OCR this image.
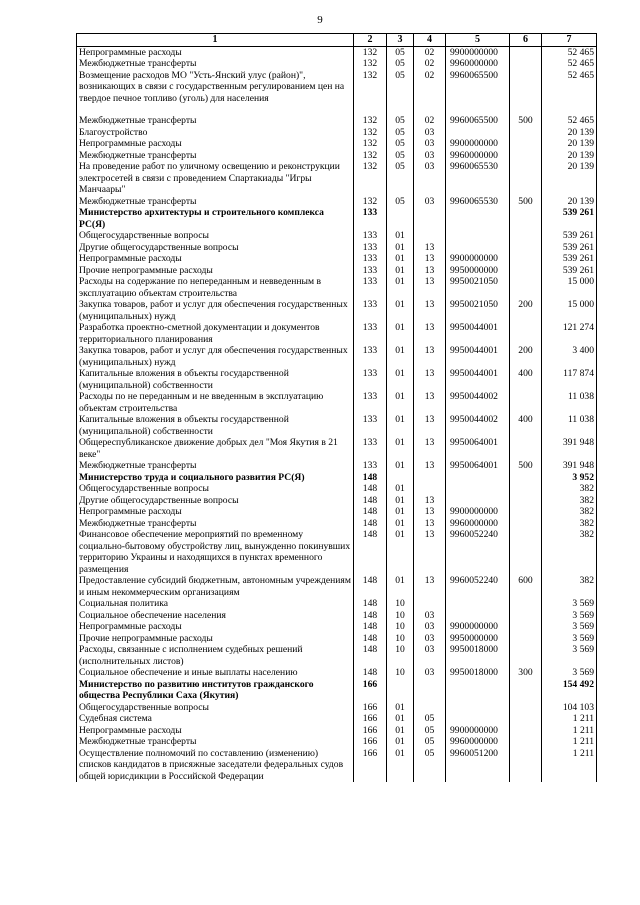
9
1	2	3	4	5	6	7
Непрограммные расходы	132	05	02	9900000000		52 465
Межбюджетные трансферты	132	05	02	9960000000		52 465
Возмещение расходов МО "Усть-Янский улус (район)", возникающих в связи с государственным регулированием цен на твердое печное топливо (уголь) для населения	132	05	02	9960065500		52 465

Межбюджетные трансферты	132	05	02	9960065500	500	52 465
Благоустройство	132	05	03			20 139
Непрограммные расходы	132	05	03	9900000000		20 139
Межбюджетные трансферты	132	05	03	9960000000		20 139
На проведение работ по уличному освещению и реконструкции электросетей в связи с проведением Спартакиады "Игры Манчаары"	132	05	03	9960065530		20 139
Межбюджетные трансферты	132	05	03	9960065530	500	20 139
Министерство архитектуры и строительного комплекса РС(Я)	133					539 261
Общегосударственные вопросы	133	01				539 261
Другие общегосударственные вопросы	133	01	13			539 261
Непрограммные расходы	133	01	13	9900000000		539 261
Прочие непрограммные расходы	133	01	13	9950000000		539 261
Расходы на содержание по непереданным и невведенным в эксплуатацию объектам строительства	133	01	13	9950021050		15 000
Закупка товаров, работ и услуг для обеспечения государственных (муниципальных) нужд	133	01	13	9950021050	200	15 000
Разработка проектно-сметной документации и документов территориального планирования	133	01	13	9950044001		121 274
Закупка товаров, работ и услуг для обеспечения государственных (муниципальных) нужд	133	01	13	9950044001	200	3 400
Капитальные вложения в объекты государственной (муниципальной) собственности	133	01	13	9950044001	400	117 874
Расходы по не переданным и не введенным в эксплуатацию объектам строительства	133	01	13	9950044002		11 038
Капитальные вложения в объекты государственной (муниципальной) собственности	133	01	13	9950044002	400	11 038
Общереспубликанское движение добрых дел "Моя Якутия в 21 веке"	133	01	13	9950064001		391 948
Межбюджетные трансферты	133	01	13	9950064001	500	391 948
Министерство труда и социального развития РС(Я)	148					3 952
Общегосударственные вопросы	148	01				382
Другие общегосударственные вопросы	148	01	13			382
Непрограммные расходы	148	01	13	9900000000		382
Межбюджетные трансферты	148	01	13	9960000000		382
Финансовое обеспечение мероприятий по временному социально-бытовому обустройству лиц, вынужденно покинувших территорию Украины и находящихся в пунктах временного размещения	148	01	13	9960052240		382
Предоставление субсидий бюджетным, автономным учреждениям и иным некоммерческим организациям	148	01	13	9960052240	600	382
Социальная политика	148	10				3 569
Социальное обеспечение населения	148	10	03			3 569
Непрограммные расходы	148	10	03	9900000000		3 569
Прочие непрограммные расходы	148	10	03	9950000000		3 569
Расходы, связанные с исполнением судебных решений (исполнительных листов)	148	10	03	9950018000		3 569
Социальное обеспечение и иные выплаты населению	148	10	03	9950018000	300	3 569
Министерство по развитию институтов гражданского общества Республики Саха (Якутия)	166					154 492
Общегосударственные вопросы	166	01				104 103
Судебная система	166	01	05			1 211
Непрограммные расходы	166	01	05	9900000000		1 211
Межбюджетные трансферты	166	01	05	9960000000		1 211
Осуществление полномочий по составлению (изменению) списков кандидатов в присяжные заседатели федеральных судов общей юрисдикции в Российской Федерации	166	01	05	9960051200		1 211
